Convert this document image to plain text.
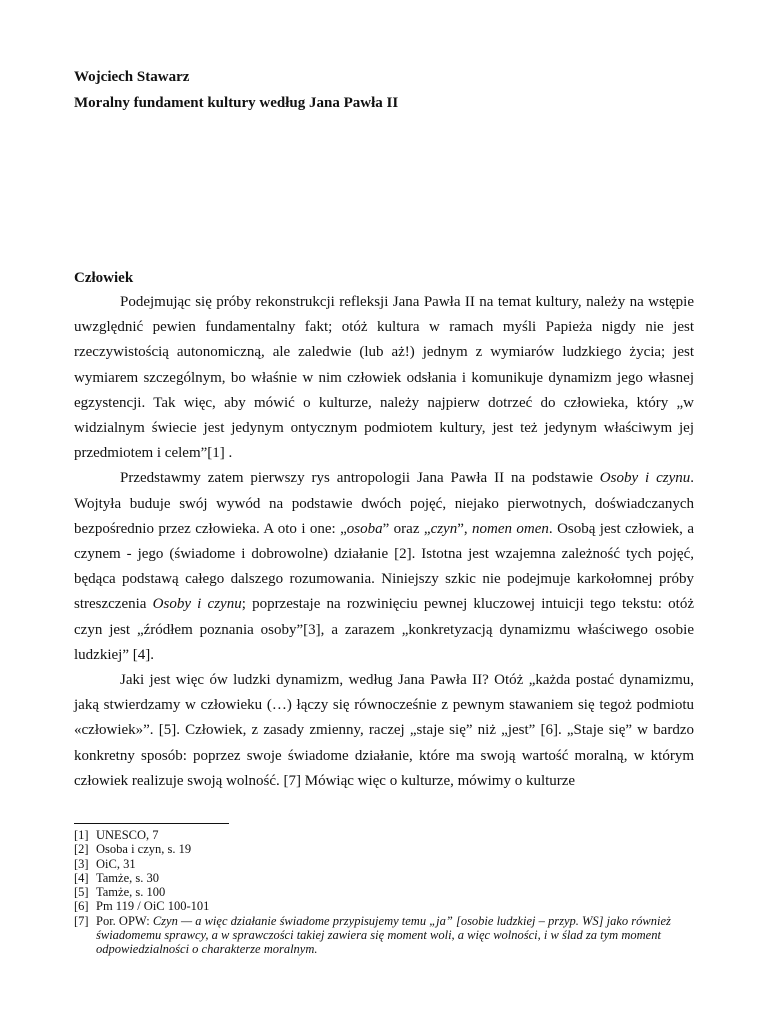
Wojciech Stawarz
Moralny fundament kultury według Jana Pawła II
Człowiek

Podejmując się próby rekonstrukcji refleksji Jana Pawła II na temat kultury, należy na wstępie uwzględnić pewien fundamentalny fakt; otóż kultura w ramach myśli Papieża nigdy nie jest rzeczywistością autonomiczną, ale zaledwie (lub aż!) jednym z wymiarów ludzkiego życia; jest wymiarem szczególnym, bo właśnie w nim człowiek odsłania i komunikuje dynamizm jego własnej egzystencji. Tak więc, aby mówić o kulturze, należy najpierw dotrzeć do człowieka, który „w widzialnym świecie jest jedynym ontycznym podmiotem kultury, jest też jedynym właściwym jej przedmiotem i celem”[1] .

Przedstawmy zatem pierwszy rys antropologii Jana Pawła II na podstawie Osoby i czynu. Wojtyła buduje swój wywód na podstawie dwóch pojęć, niejako pierwotnych, doświadczanych bezpośrednio przez człowieka. A oto i one: „osoba” oraz „czyn”, nomen omen. Osobą jest człowiek, a czynem - jego (świadome i dobrowolne) działanie [2]. Istotna jest wzajemna zależność tych pojęć, będąca podstawą całego dalszego rozumowania. Niniejszy szkic nie podejmuje karkołomnej próby streszczenia Osoby i czynu; poprzestaje na rozwinięciu pewnej kluczowej intuicji tego tekstu: otóż czyn jest „źródłem poznania osoby”[3], a zarazem „konkretyzacją dynamizmu właściwego osobie ludzkiej” [4].

Jaki jest więc ów ludzki dynamizm, według Jana Pawła II? Otóż „każda postać dynamizmu, jaką stwierdzamy w człowieku (…) łączy się równocześnie z pewnym stawaniem się tegoż podmiotu «człowiek»”. [5]. Człowiek, z zasady zmienny, raczej „staje się” niż „jest” [6]. „Staje się” w bardzo konkretny sposób: poprzez swoje świadome działanie, które ma swoją wartość moralną, w którym człowiek realizuje swoją wolność. [7] Mówiąc więc o kulturze, mówimy o kulturze

[1] UNESCO, 7
[2] Osoba i czyn, s. 19
[3] OiC, 31
[4] Tamże, s. 30
[5] Tamże, s. 100
[6] Pm 119 / OiC 100-101
[7] Por. OPW: Czyn — a więc działanie świadome przypisujemy temu „ja” [osobie ludzkiej – przyp. WS] jako również świadomemu sprawcy, a w sprawczości takiej zawiera się moment woli, a więc wolności, i w ślad za tym moment odpowiedzialności o charakterze moralnym.
